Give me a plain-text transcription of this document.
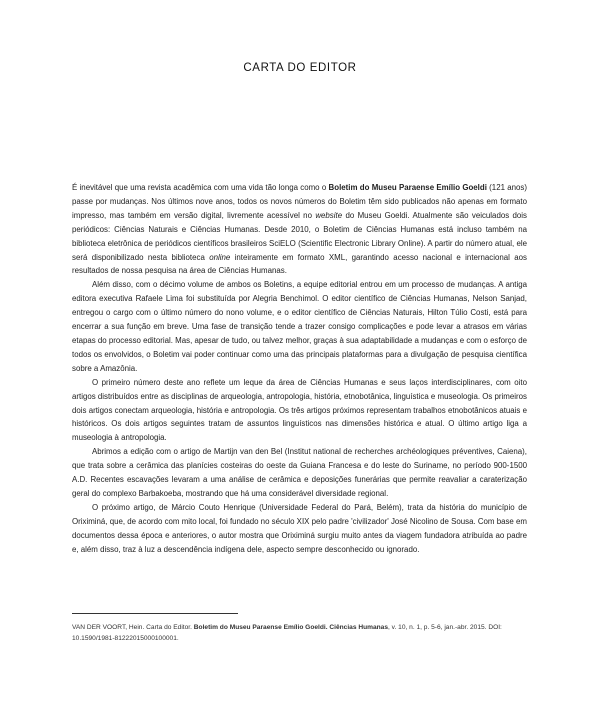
CARTA DO EDITOR

É inevitável que uma revista acadêmica com uma vida tão longa como o Boletim do Museu Paraense Emílio Goeldi (121 anos) passe por mudanças. Nos últimos nove anos, todos os novos números do Boletim têm sido publicados não apenas em formato impresso, mas também em versão digital, livremente acessível no website do Museu Goeldi. Atualmente são veiculados dois periódicos: Ciências Naturais e Ciências Humanas. Desde 2010, o Boletim de Ciências Humanas está incluso também na biblioteca eletrônica de periódicos científicos brasileiros SciELO (Scientific Electronic Library Online). A partir do número atual, ele será disponibilizado nesta biblioteca online inteiramente em formato XML, garantindo acesso nacional e internacional aos resultados de nossa pesquisa na área de Ciências Humanas.

Além disso, com o décimo volume de ambos os Boletins, a equipe editorial entrou em um processo de mudanças. A antiga editora executiva Rafaele Lima foi substituída por Alegria Benchimol. O editor científico de Ciências Humanas, Nelson Sanjad, entregou o cargo com o último número do nono volume, e o editor científico de Ciências Naturais, Hilton Túlio Costi, está para encerrar a sua função em breve. Uma fase de transição tende a trazer consigo complicações e pode levar a atrasos em várias etapas do processo editorial. Mas, apesar de tudo, ou talvez melhor, graças à sua adaptabilidade a mudanças e com o esforço de todos os envolvidos, o Boletim vai poder continuar como uma das principais plataformas para a divulgação de pesquisa científica sobre a Amazônia.

O primeiro número deste ano reflete um leque da área de Ciências Humanas e seus laços interdisciplinares, com oito artigos distribuídos entre as disciplinas de arqueologia, antropologia, história, etnobotânica, linguística e museologia. Os primeiros dois artigos conectam arqueologia, história e antropologia. Os três artigos próximos representam trabalhos etnobotânicos atuais e históricos. Os dois artigos seguintes tratam de assuntos linguísticos nas dimensões histórica e atual. O último artigo liga a museologia à antropologia.

Abrimos a edição com o artigo de Martijn van den Bel (Institut national de recherches archéologiques préventives, Caiena), que trata sobre a cerâmica das planícies costeiras do oeste da Guiana Francesa e do leste do Suriname, no período 900-1500 A.D. Recentes escavações levaram a uma análise de cerâmica e deposições funerárias que permite reavaliar a caraterização geral do complexo Barbakoeba, mostrando que há uma considerável diversidade regional.

O próximo artigo, de Márcio Couto Henrique (Universidade Federal do Pará, Belém), trata da história do município de Oriximiná, que, de acordo com mito local, foi fundado no século XIX pelo padre 'civilizador' José Nicolino de Sousa. Com base em documentos dessa época e anteriores, o autor mostra que Oriximiná surgiu muito antes da viagem fundadora atribuída ao padre e, além disso, traz à luz a descendência indígena dele, aspecto sempre desconhecido ou ignorado.

VAN DER VOORT, Hein. Carta do Editor. Boletim do Museu Paraense Emílio Goeldi. Ciências Humanas, v. 10, n. 1, p. 5-6, jan.-abr. 2015. DOI: 10.1590/1981-81222015000100001.
